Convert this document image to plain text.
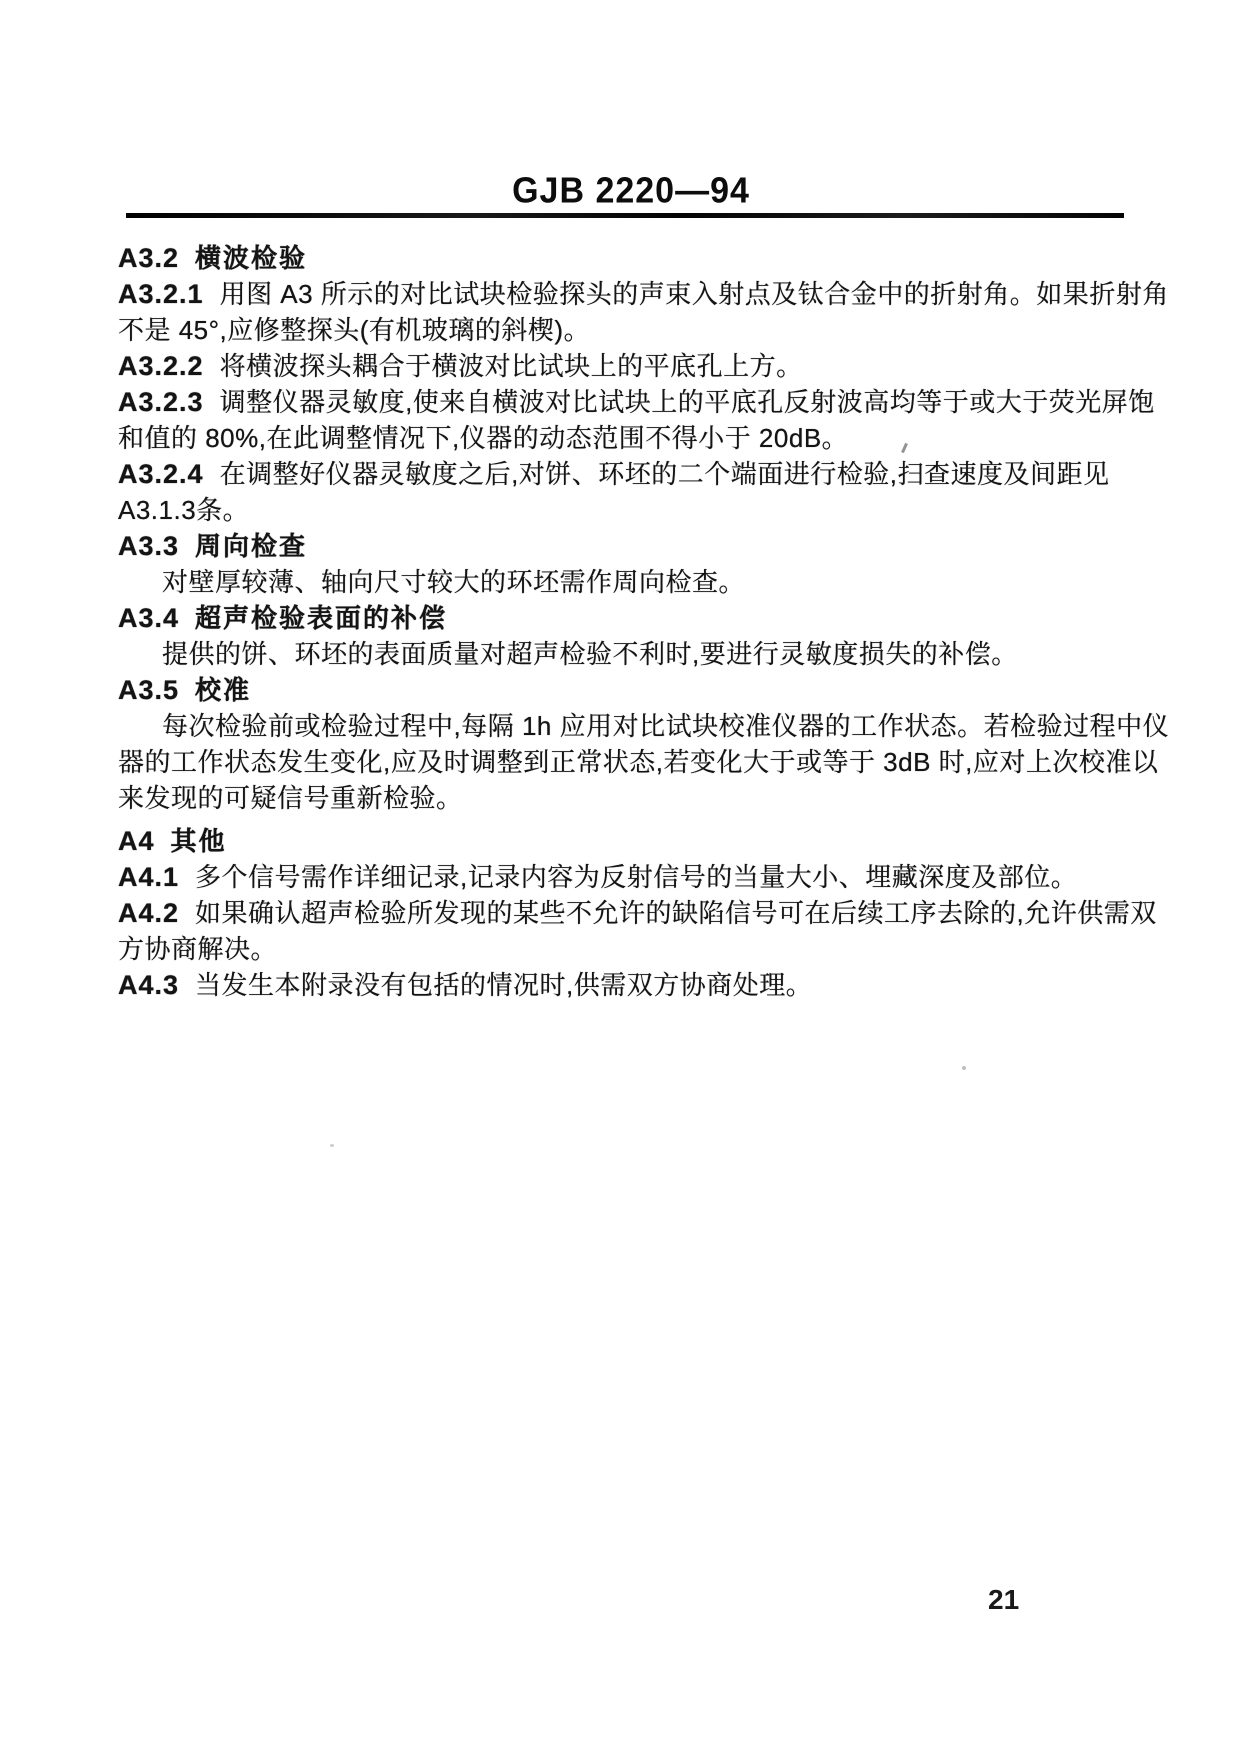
GJB 2220—94
A3.2 横波检验
A3.2.1 用图 A3 所示的对比试块检验探头的声束入射点及钛合金中的折射角。如果折射角
不是 45°,应修整探头(有机玻璃的斜楔)。
A3.2.2 将横波探头耦合于横波对比试块上的平底孔上方。
A3.2.3 调整仪器灵敏度,使来自横波对比试块上的平底孔反射波高均等于或大于荧光屏饱
和值的 80%,在此调整情况下,仪器的动态范围不得小于 20dB。
A3.2.4 在调整好仪器灵敏度之后,对饼、环坯的二个端面进行检验,扫查速度及间距见
A3.1.3条。
A3.3 周向检查
对壁厚较薄、轴向尺寸较大的环坯需作周向检查。
A3.4 超声检验表面的补偿
提供的饼、环坯的表面质量对超声检验不利时,要进行灵敏度损失的补偿。
A3.5 校准
每次检验前或检验过程中,每隔 1h 应用对比试块校准仪器的工作状态。若检验过程中仪
器的工作状态发生变化,应及时调整到正常状态,若变化大于或等于 3dB 时,应对上次校准以
来发现的可疑信号重新检验。
A4 其他
A4.1 多个信号需作详细记录,记录内容为反射信号的当量大小、埋藏深度及部位。
A4.2 如果确认超声检验所发现的某些不允许的缺陷信号可在后续工序去除的,允许供需双
方协商解决。
A4.3 当发生本附录没有包括的情况时,供需双方协商处理。
21
